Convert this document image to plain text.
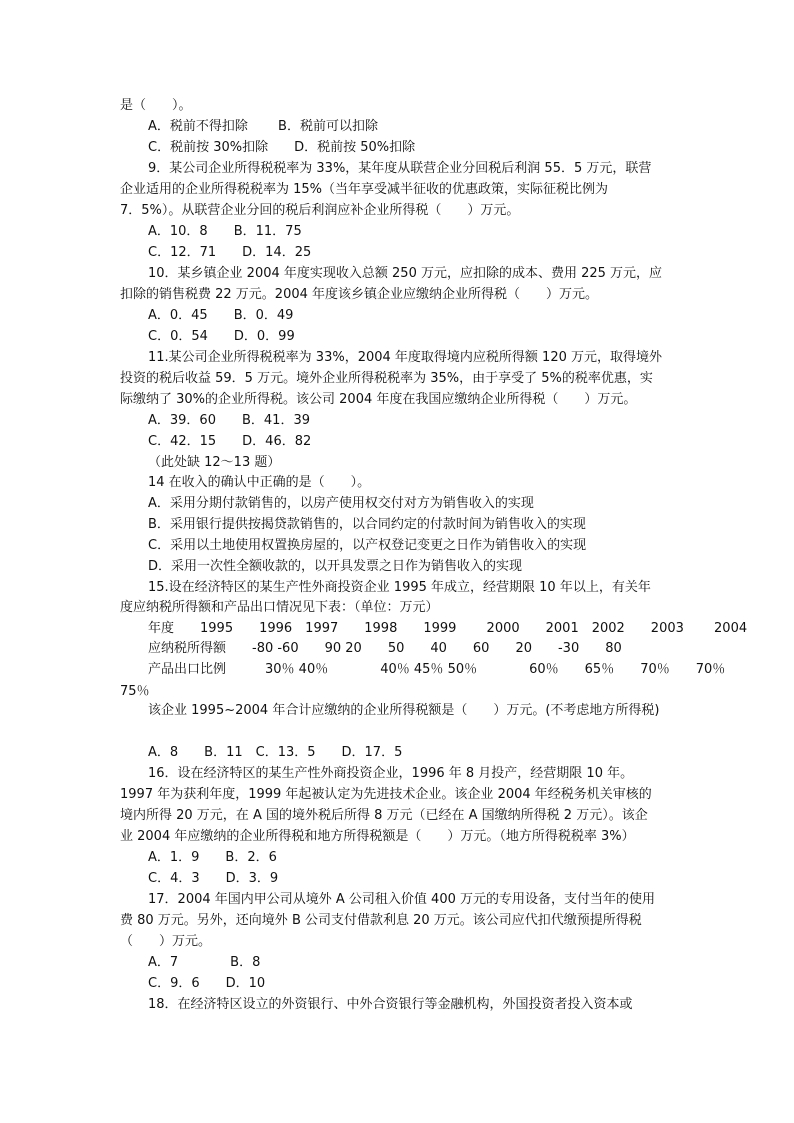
是（　　）。
A．税前不得扣除　　 B．税前可以扣除
C．税前按 30%扣除　　D．税前按 50%扣除
9．某公司企业所得税税率为 33%，某年度从联营企业分回税后利润 55．5 万元，联营
企业适用的企业所得税税率为 15%（当年享受减半征收的优惠政策，实际征税比例为
7．5%）。从联营企业分回的税后利润应补企业所得税（　　）万元。
A．10．8　　B．11．75
C．12．71　　D．14．25
10．某乡镇企业 2004 年度实现收入总额 250 万元，应扣除的成本、费用 225 万元，应
扣除的销售税费 22 万元。2004 年度该乡镇企业应缴纳企业所得税（　　）万元。
A．0．45　　B．0．49
C．0．54　　D．0．99
11.某公司企业所得税税率为 33%，2004 年度取得境内应税所得额 120 万元，取得境外
投资的税后收益 59．5 万元。境外企业所得税税率为 35%，由于享受了 5%的税率优惠，实
际缴纳了 30%的企业所得税。该公司 2004 年度在我国应缴纳企业所得税（　　）万元。
A．39．60　　B．41．39
C．42．15　　D．46．82
（此处缺 12～13 题）
14 在收入的确认中正确的是（　　）。
A．采用分期付款销售的，以房产使用权交付对方为销售收入的实现
B．采用银行提供按揭贷款销售的，以合同约定的付款时间为销售收入的实现
C．采用以土地使用权置换房屋的，以产权登记变更之日作为销售收入的实现
D．采用一次性全额收款的，以开具发票之日作为销售收入的实现
15.设在经济特区的某生产性外商投资企业 1995 年成立，经营期限 10 年以上，有关年
度应纳税所得额和产品出口情况见下表：（单位：万元）
年度　　1995　　1996　1997　　1998　　1999　　 2000　　2001　2002　　2003　　 2004
应纳税所得额　　-80 -60　　90 20　　50　　40　　60　　20　　-30　　80
产品出口比例　　　30％ 40％　　　　40％ 45％ 50％　　　　60％　　65％　　70％　　70％
75％
该企业 1995~2004 年合计应缴纳的企业所得税额是（　　）万元。(不考虑地方所得税)
A．8　　B．11　C．13．5　　D．17．5
16．设在经济特区的某生产性外商投资企业，1996 年 8 月投产，经营期限 10 年。
1997 年为获利年度，1999 年起被认定为先进技术企业。该企业 2004 年经税务机关审核的
境内所得 20 万元，在 A 国的境外税后所得 8 万元（已经在 A 国缴纳所得税 2 万元）。该企
业 2004 年应缴纳的企业所得税和地方所得税额是（　　）万元。（地方所得税税率 3%）
A．1．9　　B．2．6
C．4．3　　D．3．9
17．2004 年国内甲公司从境外 A 公司租入价值 400 万元的专用设备，支付当年的使用
费 80 万元。另外，还向境外 B 公司支付借款利息 20 万元。该公司应代扣代缴预提所得税
（　　）万元。
A．7　　　　B．8
C．9．6　　D．10
18．在经济特区设立的外资银行、中外合资银行等金融机构，外国投资者投入资本或
